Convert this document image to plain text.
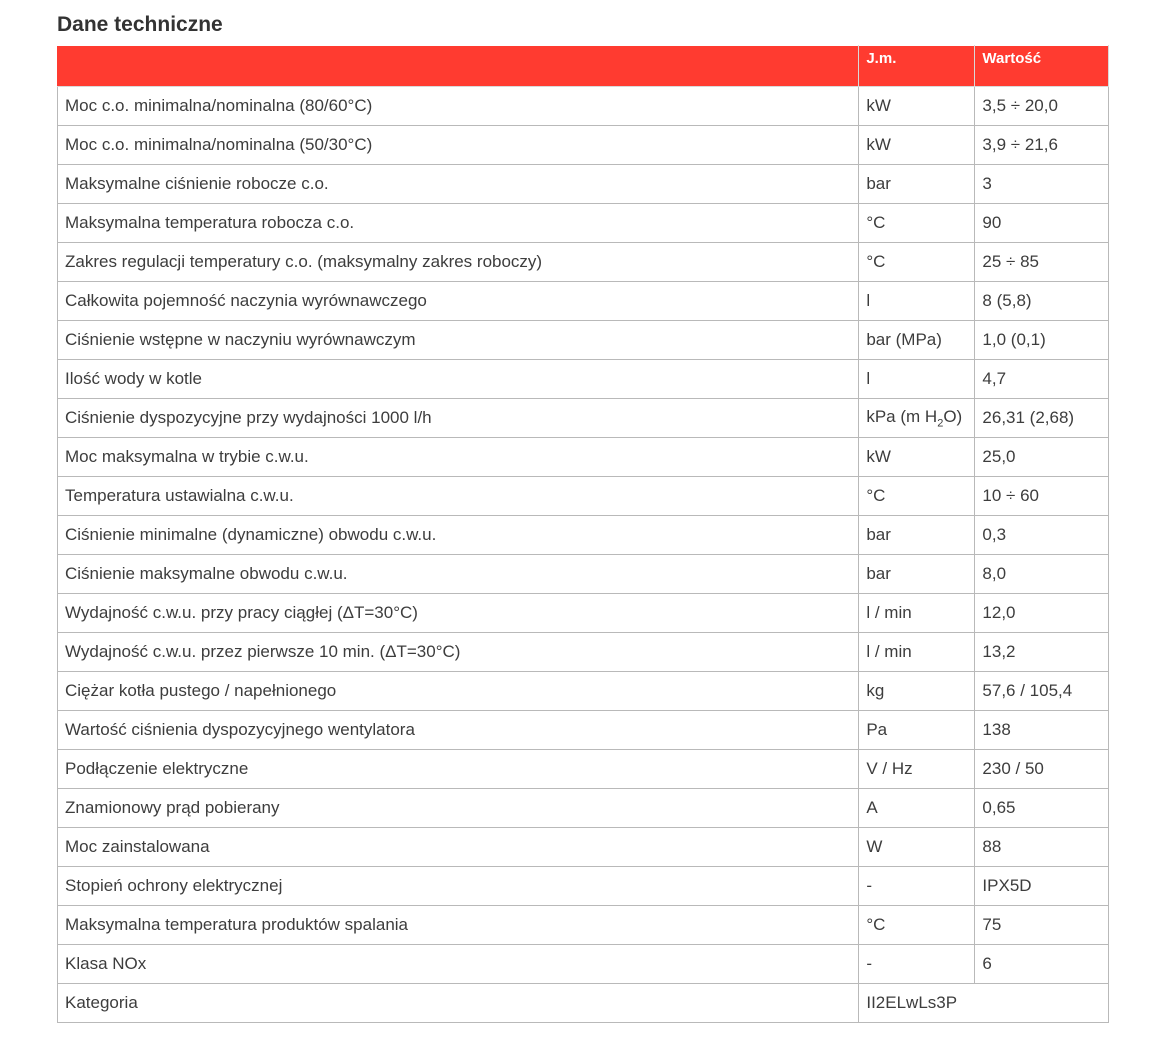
Dane techniczne
	J.m.	Wartość
Moc c.o. minimalna/nominalna (80/60°C)	kW	3,5 ÷ 20,0
Moc c.o. minimalna/nominalna (50/30°C)	kW	3,9 ÷ 21,6
Maksymalne ciśnienie robocze c.o.	bar	3
Maksymalna temperatura robocza c.o.	°C	90
Zakres regulacji temperatury c.o. (maksymalny zakres roboczy)	°C	25 ÷ 85
Całkowita pojemność naczynia wyrównawczego	l	8 (5,8)
Ciśnienie wstępne w naczyniu wyrównawczym	bar (MPa)	1,0 (0,1)
Ilość wody w kotle	l	4,7
Ciśnienie dyspozycyjne przy wydajności 1000 l/h	kPa (m $H_2O$)	26,31 (2,68)
Moc maksymalna w trybie c.w.u.	kW	25,0
Temperatura ustawialna c.w.u.	°C	10 ÷ 60
Ciśnienie minimalne (dynamiczne) obwodu c.w.u.	bar	0,3
Ciśnienie maksymalne obwodu c.w.u.	bar	8,0
Wydajność c.w.u. przy pracy ciągłej (ΔT=30°C)	l / min	12,0
Wydajność c.w.u. przez pierwsze 10 min. (ΔT=30°C)	l / min	13,2
Ciężar kotła pustego / napełnionego	kg	57,6 / 105,4
Wartość ciśnienia dyspozycyjnego wentylatora	Pa	138
Podłączenie elektryczne	V / Hz	230 / 50
Znamionowy prąd pobierany	A	0,65
Moc zainstalowana	W	88
Stopień ochrony elektrycznej	-	IPX5D
Maksymalna temperatura produktów spalania	°C	75
Klasa NOx	-	6
Kategoria	II2ELwLs3P	
